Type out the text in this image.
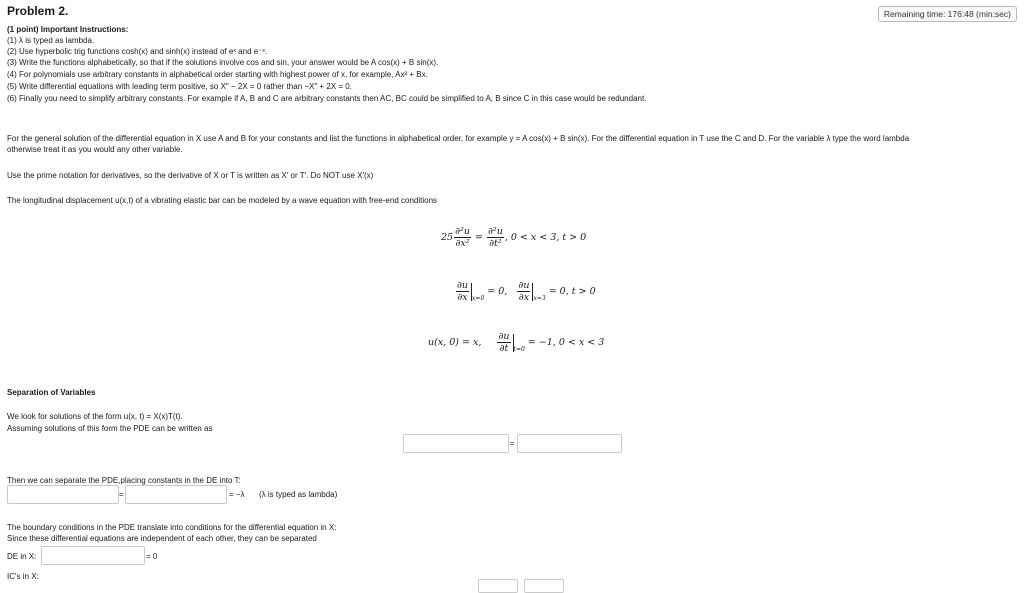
Problem 2.	Remaining time: 176:48 (min:sec)
(1 point) Important Instructions:
(1) λ is typed as lambda.
(2) Use hyperbolic trig functions cosh(x) and sinh(x) instead of eˣ and e⁻ˣ.
(3) Write the functions alphabetically, so that if the solutions involve cos and sin, your answer would be A cos(x) + B sin(x).
(4) For polynomials use arbitrary constants in alphabetical order starting with highest power of x, for example, Ax² + Bx.
(5) Write differential equations with leading term positive, so X″ − 2X = 0 rather than −X″ + 2X = 0.
(6) Finally you need to simplify arbitrary constants. For example if A, B and C are arbitrary constants then AC, BC could be simplified to A, B since C in this case would be redundant.
For the general solution of the differential equation in X use A and B for your constants and list the functions in alphabetical order, for example y = A cos(x) + B sin(x). For the differential equation in T use the C and D. For the variable λ type the word lambda
otherwise treat it as you would any other variable.
Use the prime notation for derivatives, so the derivative of X or T is written as X′ or T′. Do NOT use X′(x)
The longitudinal displacement u(x,t) of a vibrating elastic bar can be modeled by a wave equation with free-end conditions
$25 \frac{\text{∂²u}}{\text{∂x²}} = \frac{\text{∂²u}}{\text{∂t²}}$ , 0 < x < 3, t > 0
$\frac{\partial u}{\partial x} _{x=0} = 0$, $\frac{\partial u}{\partial x} _{x=3} = 0$, t > 0
u(x, 0) = x, $\frac{\partial u}{\partial t} _{t=0} = -1$, 0 < x < 3
Separation of Variables
We look for solutions of the form u(x, t) = X(x)T(t).
Assuming solutions of this form the PDE can be written as
=
Then we can separate the PDE,placing constants in the DE into T:
=	= −λ (λ is typed as lambda)
The boundary conditions in the PDE translate into conditions for the differential equation in X:
Since these differential equations are independent of each other, they can be separated
DE in X:	= 0
IC's in X:
